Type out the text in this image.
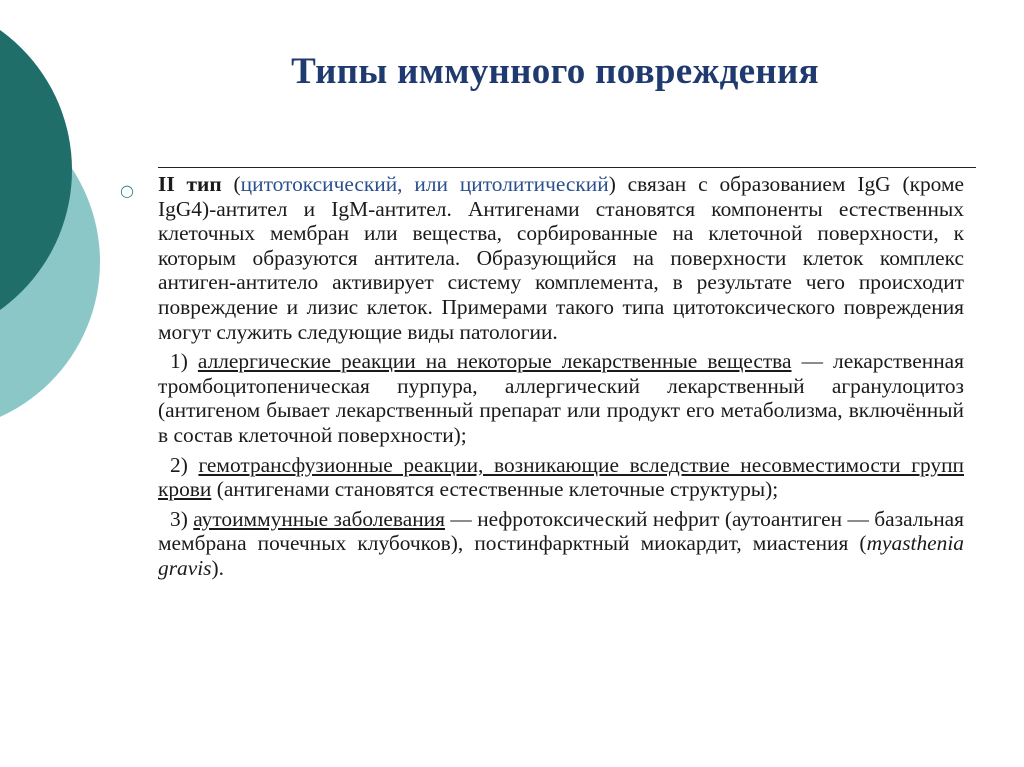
Типы иммунного повреждения
○ II тип (цитотоксический, или цитолитический) связан с образованием IgG (кроме IgG4)-антител и IgM-антител. Антигенами становятся компоненты естественных клеточных мембран или вещества, сорбированные на клеточной поверхности, к которым образуются антитела. Образующийся на поверхности клеток комплекс антиген-антитело активирует систему комплемента, в результате чего происходит повреждение и лизис клеток. Примерами такого типа цитотоксического повреждения могут служить следующие виды патологии.

1) аллергические реакции на некоторые лекарственные вещества — лекарственная тромбоцитопеническая пурпура, аллергический лекарственный агранулоцитоз (антигеном бывает лекарственный препарат или продукт его метаболизма, включённый в состав клеточной поверхности);

2) гемотрансфузионные реакции, возникающие вследствие несовместимости групп крови (антигенами становятся естественные клеточные структуры);

3) аутоиммунные заболевания — нефротоксический нефрит (аутоантиген — базальная мембрана почечных клубочков), постинфарктный миокардит, миастения (myasthenia gravis).
